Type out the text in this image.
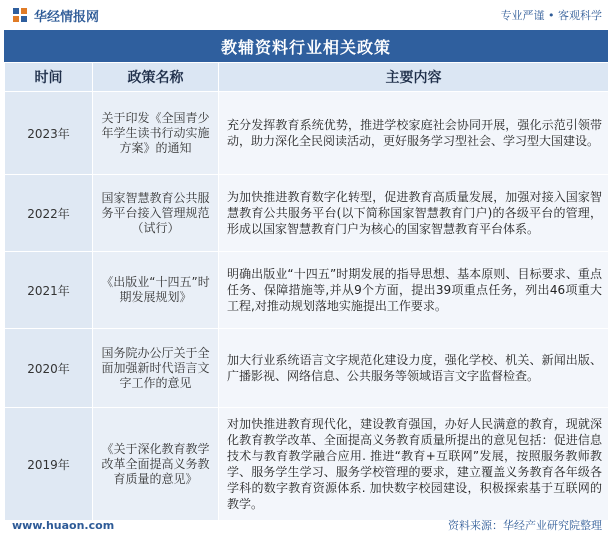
华经情报网	专业严谨 • 客观科学
教辅资料行业相关政策
时间	政策名称	主要内容
2023年	关于印发《全国青少年学生读书行动实施方案》的通知	充分发挥教育系统优势，推进学校家庭社会协同开展，强化示范引领带动，助力深化全民阅读活动，更好服务学习型社会、学习型大国建设。
2022年	国家智慧教育公共服务平台接入管理规范（试行）	为加快推进教育数字化转型，促进教育高质量发展，加强对接入国家智慧教育公共服务平台(以下简称国家智慧教育门户)的各级平台的管理，形成以国家智慧教育门户为核心的国家智慧教育平台体系。
2021年	《出版业“十四五”时期发展规划》	明确出版业“十四五”时期发展的指导思想、基本原则、目标要求、重点任务、保障措施等,并从9个方面，提出39项重点任务，列出46项重大工程,对推动规划落地实施提出工作要求。
2020年	国务院办公厅关于全面加强新时代语言文字工作的意见	加大行业系统语言文字规范化建设力度，强化学校、机关、新闻出版、广播影视、网络信息、公共服务等领域语言文字监督检查。
2019年	《关于深化教育教学改革全面提高义务教育质量的意见》	对加快推进教育现代化，建设教育强国，办好人民满意的教育，现就深化教育教学改革、全面提高义务教育质量所提出的意见包括：促进信息技术与教育教学融合应用. 推进“教育+互联网”发展，按照服务教师教学、服务学生学习、服务学校管理的要求，建立覆盖义务教育各年级各学科的数字教育资源体系. 加快数字校园建设，积极探索基于互联网的教学。
www.huaon.com	资料来源：华经产业研究院整理
